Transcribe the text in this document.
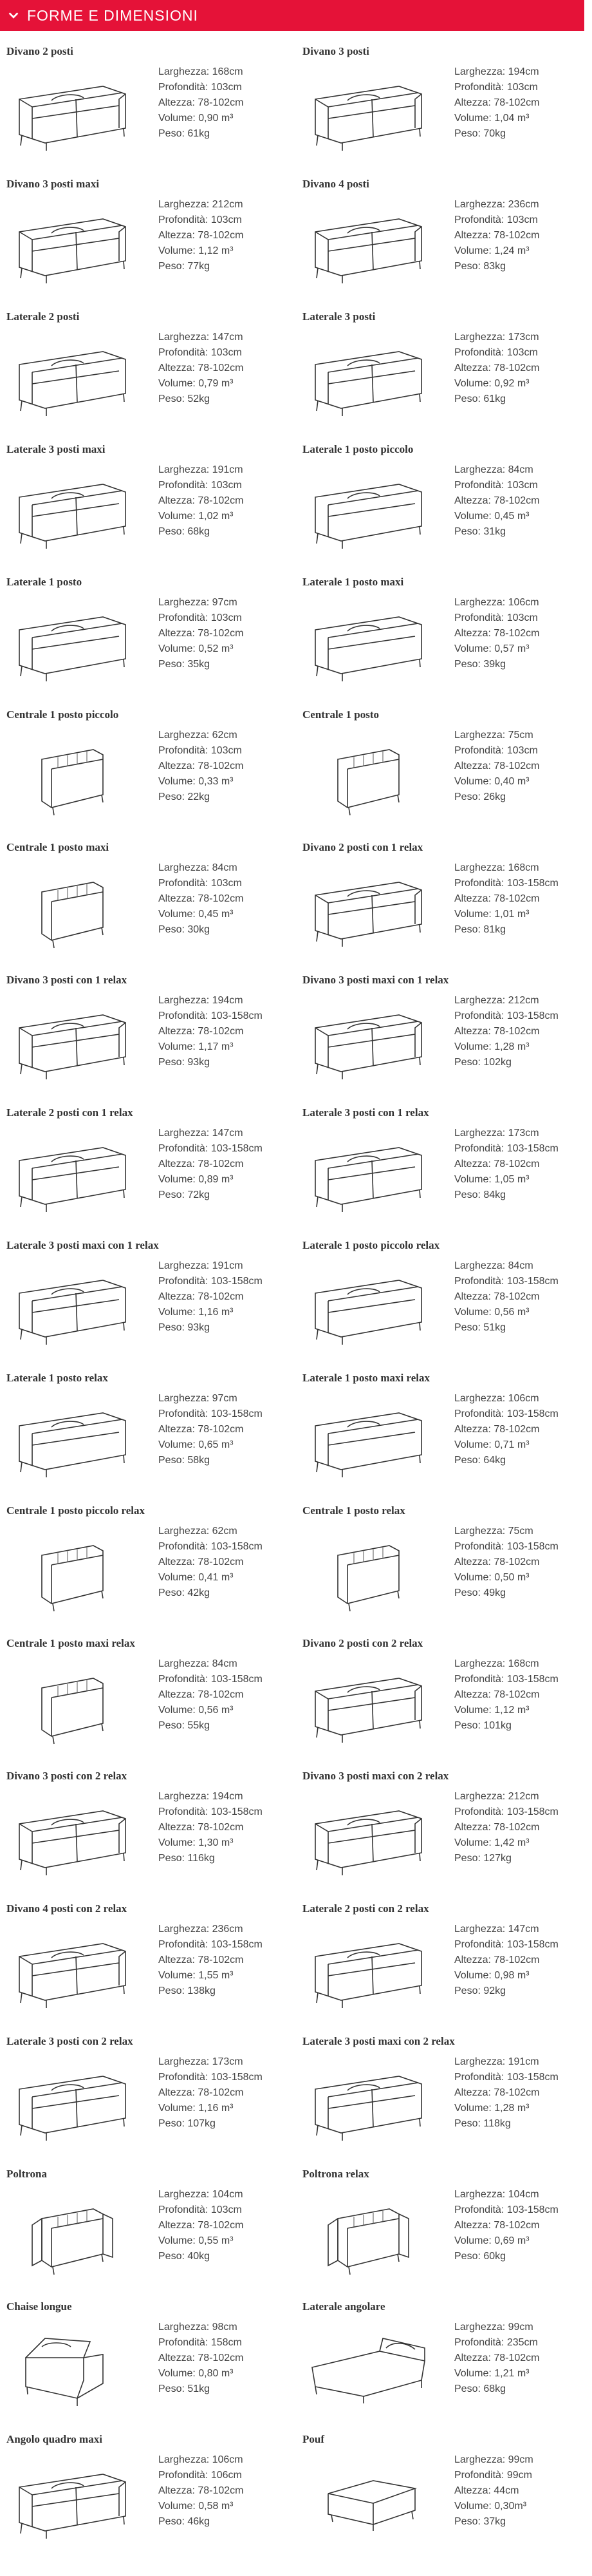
FORME E DIMENSIONI
Divano 2 posti
Larghezza: 168cm
Profondità: 103cm
Altezza: 78-102cm
Volume: 0,90 m³
Peso: 61kg
Divano 3 posti
Larghezza: 194cm
Profondità: 103cm
Altezza: 78-102cm
Volume: 1,04 m³
Peso: 70kg
Divano 3 posti maxi
Larghezza: 212cm
Profondità: 103cm
Altezza: 78-102cm
Volume: 1,12 m³
Peso: 77kg
Divano 4 posti
Larghezza: 236cm
Profondità: 103cm
Altezza: 78-102cm
Volume: 1,24 m³
Peso: 83kg
Laterale 2 posti
Larghezza: 147cm
Profondità: 103cm
Altezza: 78-102cm
Volume: 0,79 m³
Peso: 52kg
Laterale 3 posti
Larghezza: 173cm
Profondità: 103cm
Altezza: 78-102cm
Volume: 0,92 m³
Peso: 61kg
Laterale 3 posti maxi
Larghezza: 191cm
Profondità: 103cm
Altezza: 78-102cm
Volume: 1,02 m³
Peso: 68kg
Laterale 1 posto piccolo
Larghezza: 84cm
Profondità: 103cm
Altezza: 78-102cm
Volume: 0,45 m³
Peso: 31kg
Laterale 1 posto
Larghezza: 97cm
Profondità: 103cm
Altezza: 78-102cm
Volume: 0,52 m³
Peso: 35kg
Laterale 1 posto maxi
Larghezza: 106cm
Profondità: 103cm
Altezza: 78-102cm
Volume: 0,57 m³
Peso: 39kg
Centrale 1 posto piccolo
Larghezza: 62cm
Profondità: 103cm
Altezza: 78-102cm
Volume: 0,33 m³
Peso: 22kg
Centrale 1 posto
Larghezza: 75cm
Profondità: 103cm
Altezza: 78-102cm
Volume: 0,40 m³
Peso: 26kg
Centrale 1 posto maxi
Larghezza: 84cm
Profondità: 103cm
Altezza: 78-102cm
Volume: 0,45 m³
Peso: 30kg
Divano 2 posti con 1 relax
Larghezza: 168cm
Profondità: 103-158cm
Altezza: 78-102cm
Volume: 1,01 m³
Peso: 81kg
Divano 3 posti con 1 relax
Larghezza: 194cm
Profondità: 103-158cm
Altezza: 78-102cm
Volume: 1,17 m³
Peso: 93kg
Divano 3 posti maxi con 1 relax
Larghezza: 212cm
Profondità: 103-158cm
Altezza: 78-102cm
Volume: 1,28 m³
Peso: 102kg
Laterale 2 posti con 1 relax
Larghezza: 147cm
Profondità: 103-158cm
Altezza: 78-102cm
Volume: 0,89 m³
Peso: 72kg
Laterale 3 posti con 1 relax
Larghezza: 173cm
Profondità: 103-158cm
Altezza: 78-102cm
Volume: 1,05 m³
Peso: 84kg
Laterale 3 posti maxi con 1 relax
Larghezza: 191cm
Profondità: 103-158cm
Altezza: 78-102cm
Volume: 1,16 m³
Peso: 93kg
Laterale 1 posto piccolo relax
Larghezza: 84cm
Profondità: 103-158cm
Altezza: 78-102cm
Volume: 0,56 m³
Peso: 51kg
Laterale 1 posto relax
Larghezza: 97cm
Profondità: 103-158cm
Altezza: 78-102cm
Volume: 0,65 m³
Peso: 58kg
Laterale 1 posto maxi relax
Larghezza: 106cm
Profondità: 103-158cm
Altezza: 78-102cm
Volume: 0,71 m³
Peso: 64kg
Centrale 1 posto piccolo relax
Larghezza: 62cm
Profondità: 103-158cm
Altezza: 78-102cm
Volume: 0,41 m³
Peso: 42kg
Centrale 1 posto relax
Larghezza: 75cm
Profondità: 103-158cm
Altezza: 78-102cm
Volume: 0,50 m³
Peso: 49kg
Centrale 1 posto maxi relax
Larghezza: 84cm
Profondità: 103-158cm
Altezza: 78-102cm
Volume: 0,56 m³
Peso: 55kg
Divano 2 posti con 2 relax
Larghezza: 168cm
Profondità: 103-158cm
Altezza: 78-102cm
Volume: 1,12 m³
Peso: 101kg
Divano 3 posti con 2 relax
Larghezza: 194cm
Profondità: 103-158cm
Altezza: 78-102cm
Volume: 1,30 m³
Peso: 116kg
Divano 3 posti maxi con 2 relax
Larghezza: 212cm
Profondità: 103-158cm
Altezza: 78-102cm
Volume: 1,42 m³
Peso: 127kg
Divano 4 posti con 2 relax
Larghezza: 236cm
Profondità: 103-158cm
Altezza: 78-102cm
Volume: 1,55 m³
Peso: 138kg
Laterale 2 posti con 2 relax
Larghezza: 147cm
Profondità: 103-158cm
Altezza: 78-102cm
Volume: 0,98 m³
Peso: 92kg
Laterale 3 posti con 2 relax
Larghezza: 173cm
Profondità: 103-158cm
Altezza: 78-102cm
Volume: 1,16 m³
Peso: 107kg
Laterale 3 posti maxi con 2 relax
Larghezza: 191cm
Profondità: 103-158cm
Altezza: 78-102cm
Volume: 1,28 m³
Peso: 118kg
Poltrona
Larghezza: 104cm
Profondità: 103cm
Altezza: 78-102cm
Volume: 0,55 m³
Peso: 40kg
Poltrona relax
Larghezza: 104cm
Profondità: 103-158cm
Altezza: 78-102cm
Volume: 0,69 m³
Peso: 60kg
Chaise longue
Larghezza: 98cm
Profondità: 158cm
Altezza: 78-102cm
Volume: 0,80 m³
Peso: 51kg
Laterale angolare
Larghezza: 99cm
Profondità: 235cm
Altezza: 78-102cm
Volume: 1,21 m³
Peso: 68kg
Angolo quadro maxi
Larghezza: 106cm
Profondità: 106cm
Altezza: 78-102cm
Volume: 0,58 m³
Peso: 46kg
Pouf
Larghezza: 99cm
Profondità: 99cm
Altezza: 44cm
Volume: 0,30m³
Peso: 37kg
